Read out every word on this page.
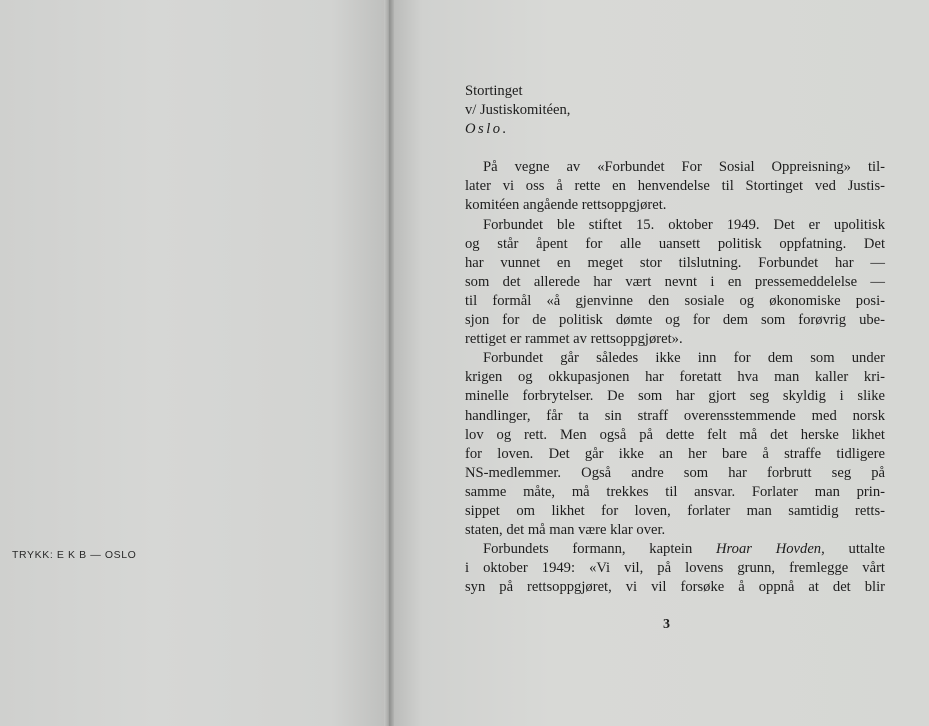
TRYKK: E K B — OSLO
Stortinget
v/ Justiskomitéen,
Oslo.
På vegne av «Forbundet For Sosial Oppreisning» til-
later vi oss å rette en henvendelse til Stortinget ved Justis-
komitéen angående rettsoppgjøret.
Forbundet ble stiftet 15. oktober 1949. Det er upolitisk
og står åpent for alle uansett politisk oppfatning. Det
har vunnet en meget stor tilslutning. Forbundet har —
som det allerede har vært nevnt i en pressemeddelelse —
til formål «å gjenvinne den sosiale og økonomiske posi-
sjon for de politisk dømte og for dem som forøvrig ube-
rettiget er rammet av rettsoppgjøret».
Forbundet går således ikke inn for dem som under
krigen og okkupasjonen har foretatt hva man kaller kri-
minelle forbrytelser. De som har gjort seg skyldig i slike
handlinger, får ta sin straff overensstemmende med norsk
lov og rett. Men også på dette felt må det herske likhet
for loven. Det går ikke an her bare å straffe tidligere
NS-medlemmer. Også andre som har forbrutt seg på
samme måte, må trekkes til ansvar. Forlater man prin-
sippet om likhet for loven, forlater man samtidig retts-
staten, det må man være klar over.
Forbundets formann, kaptein Hroar Hovden, uttalte
i oktober 1949: «Vi vil, på lovens grunn, fremlegge vårt
syn på rettsoppgjøret, vi vil forsøke å oppnå at det blir
3
